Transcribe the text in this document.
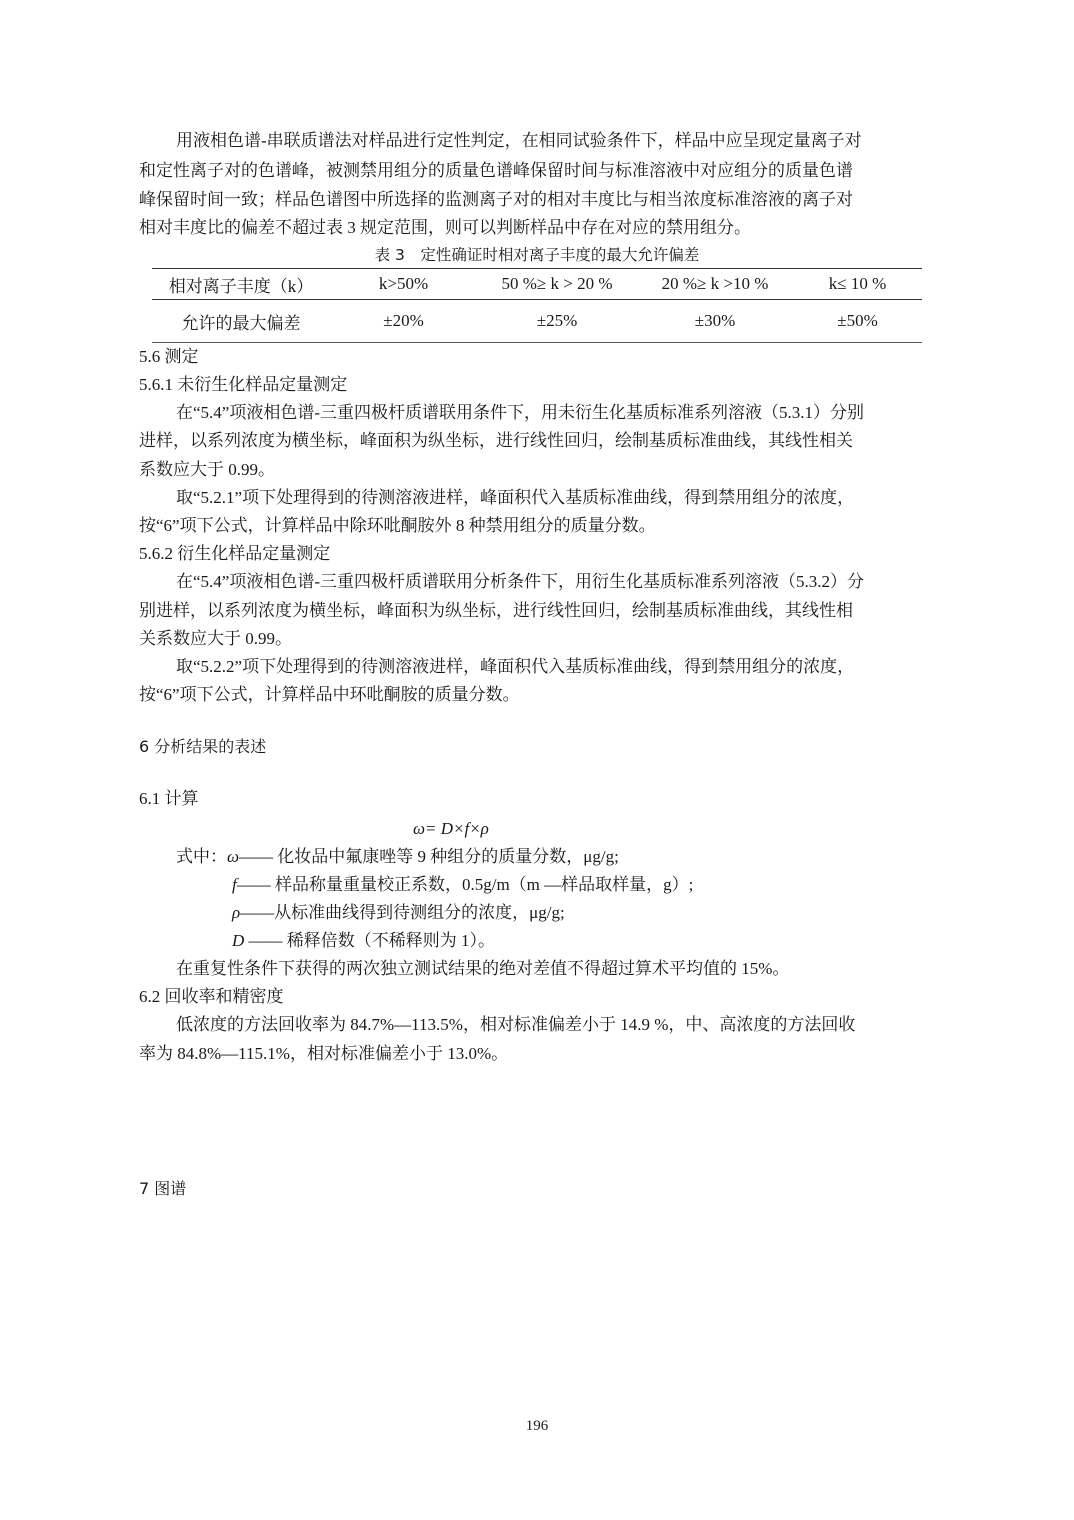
用液相色谱-串联质谱法对样品进行定性判定，在相同试验条件下，样品中应呈现定量离子对
和定性离子对的色谱峰，被测禁用组分的质量色谱峰保留时间与标准溶液中对应组分的质量色谱
峰保留时间一致；样品色谱图中所选择的监测离子对的相对丰度比与相当浓度标准溶液的离子对
相对丰度比的偏差不超过表 3 规定范围，则可以判断样品中存在对应的禁用组分。
表 3　定性确证时相对离子丰度的最大允许偏差
相对离子丰度（k）	k>50%	50 %≥ k > 20 %	20 %≥ k >10 %	k≤ 10 %
允许的最大偏差	±20%	±25%	±30%	±50%
5.6 测定
5.6.1 未衍生化样品定量测定
在“5.4”项液相色谱-三重四极杆质谱联用条件下，用未衍生化基质标准系列溶液（5.3.1）分别
进样，以系列浓度为横坐标，峰面积为纵坐标，进行线性回归，绘制基质标准曲线，其线性相关
系数应大于 0.99。
取“5.2.1”项下处理得到的待测溶液进样，峰面积代入基质标准曲线，得到禁用组分的浓度，
按“6”项下公式，计算样品中除环吡酮胺外 8 种禁用组分的质量分数。
5.6.2 衍生化样品定量测定
在“5.4”项液相色谱-三重四极杆质谱联用分析条件下，用衍生化基质标准系列溶液（5.3.2）分
别进样，以系列浓度为横坐标，峰面积为纵坐标，进行线性回归，绘制基质标准曲线，其线性相
关系数应大于 0.99。
取“5.2.2”项下处理得到的待测溶液进样，峰面积代入基质标准曲线，得到禁用组分的浓度，
按“6”项下公式，计算样品中环吡酮胺的质量分数。
6 分析结果的表述
6.1 计算
ω= D×f×ρ
式中：ω—— 化妆品中氟康唑等 9 种组分的质量分数，μg/g;
f—— 样品称量重量校正系数，0.5g/m（m —样品取样量，g）;
ρ——从标准曲线得到待测组分的浓度，μg/g;
D —— 稀释倍数（不稀释则为 1）。
在重复性条件下获得的两次独立测试结果的绝对差值不得超过算术平均值的 15%。
6.2 回收率和精密度
低浓度的方法回收率为 84.7%—113.5%，相对标准偏差小于 14.9 %，中、高浓度的方法回收
率为 84.8%—115.1%，相对标准偏差小于 13.0%。
7 图谱
196
